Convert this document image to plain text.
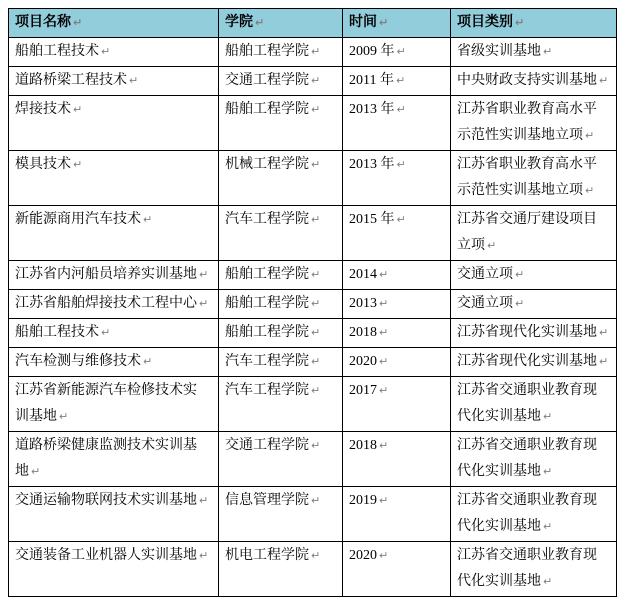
项目名称 ↵	学院 ↵	时间 ↵	项目类别 ↵
船舶工程技术 ↵	船舶工程学院 ↵	2009 年 ↵	省级实训基地 ↵
道路桥梁工程技术 ↵	交通工程学院 ↵	2011 年 ↵	中央财政支持实训基地 ↵
焊接技术 ↵	船舶工程学院 ↵	2013 年 ↵	江苏省职业教育高水平示范性实训基地立项 ↵
模具技术 ↵	机械工程学院 ↵	2013 年 ↵	江苏省职业教育高水平示范性实训基地立项 ↵
新能源商用汽车技术 ↵	汽车工程学院 ↵	2015 年 ↵	江苏省交通厅建设项目立项 ↵
江苏省内河船员培养实训基地 ↵	船舶工程学院 ↵	2014 ↵	交通立项 ↵
江苏省船舶焊接技术工程中心 ↵	船舶工程学院 ↵	2013 ↵	交通立项 ↵
船舶工程技术 ↵	船舶工程学院 ↵	2018 ↵	江苏省现代化实训基地 ↵
汽车检测与维修技术 ↵	汽车工程学院 ↵	2020 ↵	江苏省现代化实训基地 ↵
江苏省新能源汽车检修技术实训基地 ↵	汽车工程学院 ↵	2017 ↵	江苏省交通职业教育现代化实训基地 ↵
道路桥梁健康监测技术实训基地 ↵	交通工程学院 ↵	2018 ↵	江苏省交通职业教育现代化实训基地 ↵
交通运输物联网技术实训基地 ↵	信息管理学院 ↵	2019 ↵	江苏省交通职业教育现代化实训基地 ↵
交通装备工业机器人实训基地 ↵	机电工程学院 ↵	2020 ↵	江苏省交通职业教育现代化实训基地 ↵
